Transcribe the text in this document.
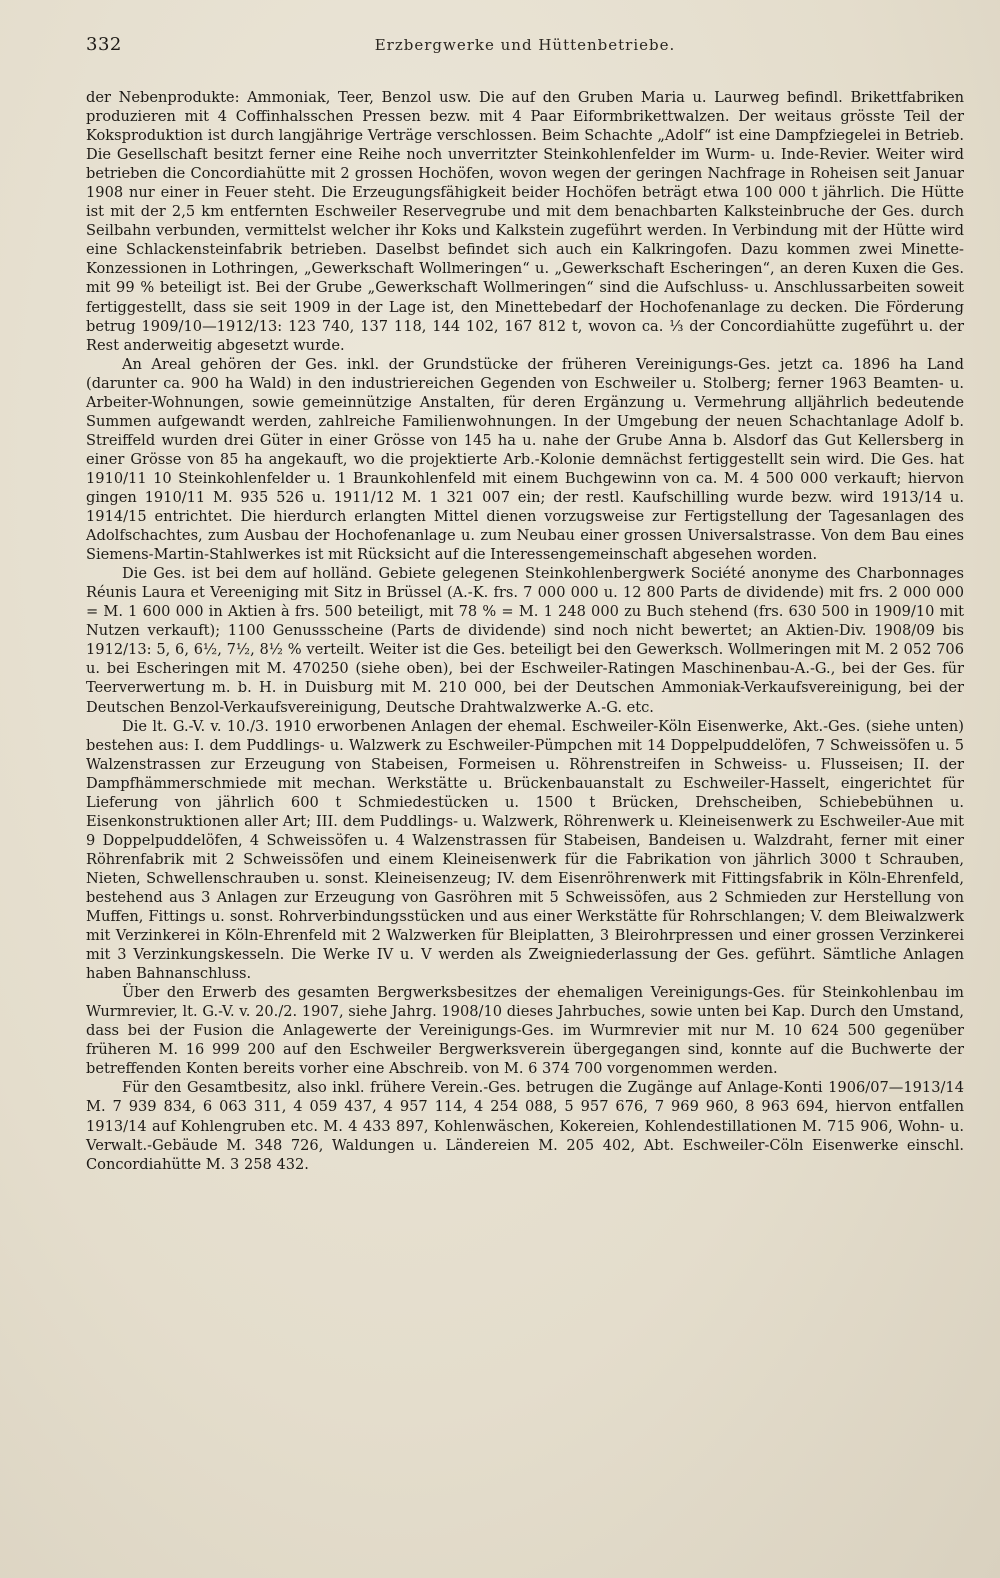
332	Erzbergwerke und Hüttenbetriebe.

der Nebenprodukte: Ammoniak, Teer, Benzol usw. Die auf den Gruben Maria u. Laurweg befindl. Brikettfabriken produzieren mit 4 Coffinhalsschen Pressen bezw. mit 4 Paar Eiformbrikettwalzen. Der weitaus grösste Teil der Koksproduktion ist durch langjährige Verträge verschlossen. Beim Schachte „Adolf“ ist eine Dampfziegelei in Betrieb. Die Gesellschaft besitzt ferner eine Reihe noch unverritzter Steinkohlenfelder im Wurm- u. Inde-Revier. Weiter wird betrieben die Concordiahütte mit 2 grossen Hochöfen, wovon wegen der geringen Nachfrage in Roheisen seit Januar 1908 nur einer in Feuer steht. Die Erzeugungsfähigkeit beider Hochöfen beträgt etwa 100 000 t jährlich. Die Hütte ist mit der 2,5 km entfernten Eschweiler Reservegrube und mit dem benachbarten Kalksteinbruche der Ges. durch Seilbahn verbunden, vermittelst welcher ihr Koks und Kalkstein zugeführt werden. In Verbindung mit der Hütte wird eine Schlackensteinfabrik betrieben. Daselbst befindet sich auch ein Kalkringofen. Dazu kommen zwei Minette-Konzessionen in Lothringen, „Gewerkschaft Wollmeringen“ u. „Gewerkschaft Escheringen“, an deren Kuxen die Ges. mit 99 % beteiligt ist. Bei der Grube „Gewerkschaft Wollmeringen“ sind die Aufschluss- u. Anschlussarbeiten soweit fertiggestellt, dass sie seit 1909 in der Lage ist, den Minettebedarf der Hochofenanlage zu decken. Die Förderung betrug 1909/10—1912/13: 123 740, 137 118, 144 102, 167 812 t, wovon ca. ⅓ der Concordiahütte zugeführt u. der Rest anderweitig abgesetzt wurde.

An Areal gehören der Ges. inkl. der Grundstücke der früheren Vereinigungs-Ges. jetzt ca. 1896 ha Land (darunter ca. 900 ha Wald) in den industriereichen Gegenden von Eschweiler u. Stolberg; ferner 1963 Beamten- u. Arbeiter-Wohnungen, sowie gemeinnützige Anstalten, für deren Ergänzung u. Vermehrung alljährlich bedeutende Summen aufgewandt werden, zahlreiche Familienwohnungen. In der Umgebung der neuen Schachtanlage Adolf b. Streiffeld wurden drei Güter in einer Grösse von 145 ha u. nahe der Grube Anna b. Alsdorf das Gut Kellersberg in einer Grösse von 85 ha angekauft, wo die projektierte Arb.-Kolonie demnächst fertiggestellt sein wird. Die Ges. hat 1910/11 10 Steinkohlenfelder u. 1 Braunkohlenfeld mit einem Buchgewinn von ca. M. 4 500 000 verkauft; hiervon gingen 1910/11 M. 935 526 u. 1911/12 M. 1 321 007 ein; der restl. Kaufschilling wurde bezw. wird 1913/14 u. 1914/15 entrichtet. Die hierdurch erlangten Mittel dienen vorzugsweise zur Fertigstellung der Tagesanlagen des Adolfschachtes, zum Ausbau der Hochofenanlage u. zum Neubau einer grossen Universalstrasse. Von dem Bau eines Siemens-Martin-Stahlwerkes ist mit Rücksicht auf die Interessengemeinschaft abgesehen worden.

Die Ges. ist bei dem auf holländ. Gebiete gelegenen Steinkohlenbergwerk Société anonyme des Charbonnages Réunis Laura et Vereeniging mit Sitz in Brüssel (A.-K. frs. 7 000 000 u. 12 800 Parts de dividende) mit frs. 2 000 000 = M. 1 600 000 in Aktien à frs. 500 beteiligt, mit 78 % = M. 1 248 000 zu Buch stehend (frs. 630 500 in 1909/10 mit Nutzen verkauft); 1100 Genussscheine (Parts de dividende) sind noch nicht bewertet; an Aktien-Div. 1908/09 bis 1912/13: 5, 6, 6½, 7½, 8½ % verteilt. Weiter ist die Ges. beteiligt bei den Gewerksch. Wollmeringen mit M. 2 052 706 u. bei Escheringen mit M. 470250 (siehe oben), bei der Eschweiler-Ratingen Maschinenbau-A.-G., bei der Ges. für Teerverwertung m. b. H. in Duisburg mit M. 210 000, bei der Deutschen Ammoniak-Verkaufsvereinigung, bei der Deutschen Benzol-Verkaufsvereinigung, Deutsche Drahtwalzwerke A.-G. etc.

Die lt. G.-V. v. 10./3. 1910 erworbenen Anlagen der ehemal. Eschweiler-Köln Eisenwerke, Akt.-Ges. (siehe unten) bestehen aus: I. dem Puddlings- u. Walzwerk zu Eschweiler-Pümpchen mit 14 Doppelpuddelöfen, 7 Schweissöfen u. 5 Walzenstrassen zur Erzeugung von Stabeisen, Formeisen u. Röhrenstreifen in Schweiss- u. Flusseisen; II. der Dampfhämmerschmiede mit mechan. Werkstätte u. Brückenbauanstalt zu Eschweiler-Hasselt, eingerichtet für Lieferung von jährlich 600 t Schmiedestücken u. 1500 t Brücken, Drehscheiben, Schiebebühnen u. Eisenkonstruktionen aller Art; III. dem Puddlings- u. Walzwerk, Röhrenwerk u. Kleineisenwerk zu Eschweiler-Aue mit 9 Doppelpuddelöfen, 4 Schweissöfen u. 4 Walzenstrassen für Stabeisen, Bandeisen u. Walzdraht, ferner mit einer Röhrenfabrik mit 2 Schweissöfen und einem Kleineisenwerk für die Fabrikation von jährlich 3000 t Schrauben, Nieten, Schwellenschrauben u. sonst. Kleineisenzeug; IV. dem Eisenröhrenwerk mit Fittingsfabrik in Köln-Ehrenfeld, bestehend aus 3 Anlagen zur Erzeugung von Gasröhren mit 5 Schweissöfen, aus 2 Schmieden zur Herstellung von Muffen, Fittings u. sonst. Rohrverbindungsstücken und aus einer Werkstätte für Rohrschlangen; V. dem Bleiwalzwerk mit Verzinkerei in Köln-Ehrenfeld mit 2 Walzwerken für Bleiplatten, 3 Bleirohrpressen und einer grossen Verzinkerei mit 3 Verzinkungskesseln. Die Werke IV u. V werden als Zweigniederlassung der Ges. geführt. Sämtliche Anlagen haben Bahnanschluss.

Über den Erwerb des gesamten Bergwerksbesitzes der ehemaligen Vereinigungs-Ges. für Steinkohlenbau im Wurmrevier, lt. G.-V. v. 20./2. 1907, siehe Jahrg. 1908/10 dieses Jahrbuches, sowie unten bei Kap. Durch den Umstand, dass bei der Fusion die Anlagewerte der Vereinigungs-Ges. im Wurmrevier mit nur M. 10 624 500 gegenüber früheren M. 16 999 200 auf den Eschweiler Bergwerksverein übergegangen sind, konnte auf die Buchwerte der betreffenden Konten bereits vorher eine Abschreib. von M. 6 374 700 vorgenommen werden.

Für den Gesamtbesitz, also inkl. frühere Verein.-Ges. betrugen die Zugänge auf Anlage-Konti 1906/07—1913/14 M. 7 939 834, 6 063 311, 4 059 437, 4 957 114, 4 254 088, 5 957 676, 7 969 960, 8 963 694, hiervon entfallen 1913/14 auf Kohlengruben etc. M. 4 433 897, Kohlenwäschen, Kokereien, Kohlendestillationen M. 715 906, Wohn- u. Verwalt.-Gebäude M. 348 726, Waldungen u. Ländereien M. 205 402, Abt. Eschweiler-Cöln Eisenwerke einschl. Concordiahütte M. 3 258 432.
